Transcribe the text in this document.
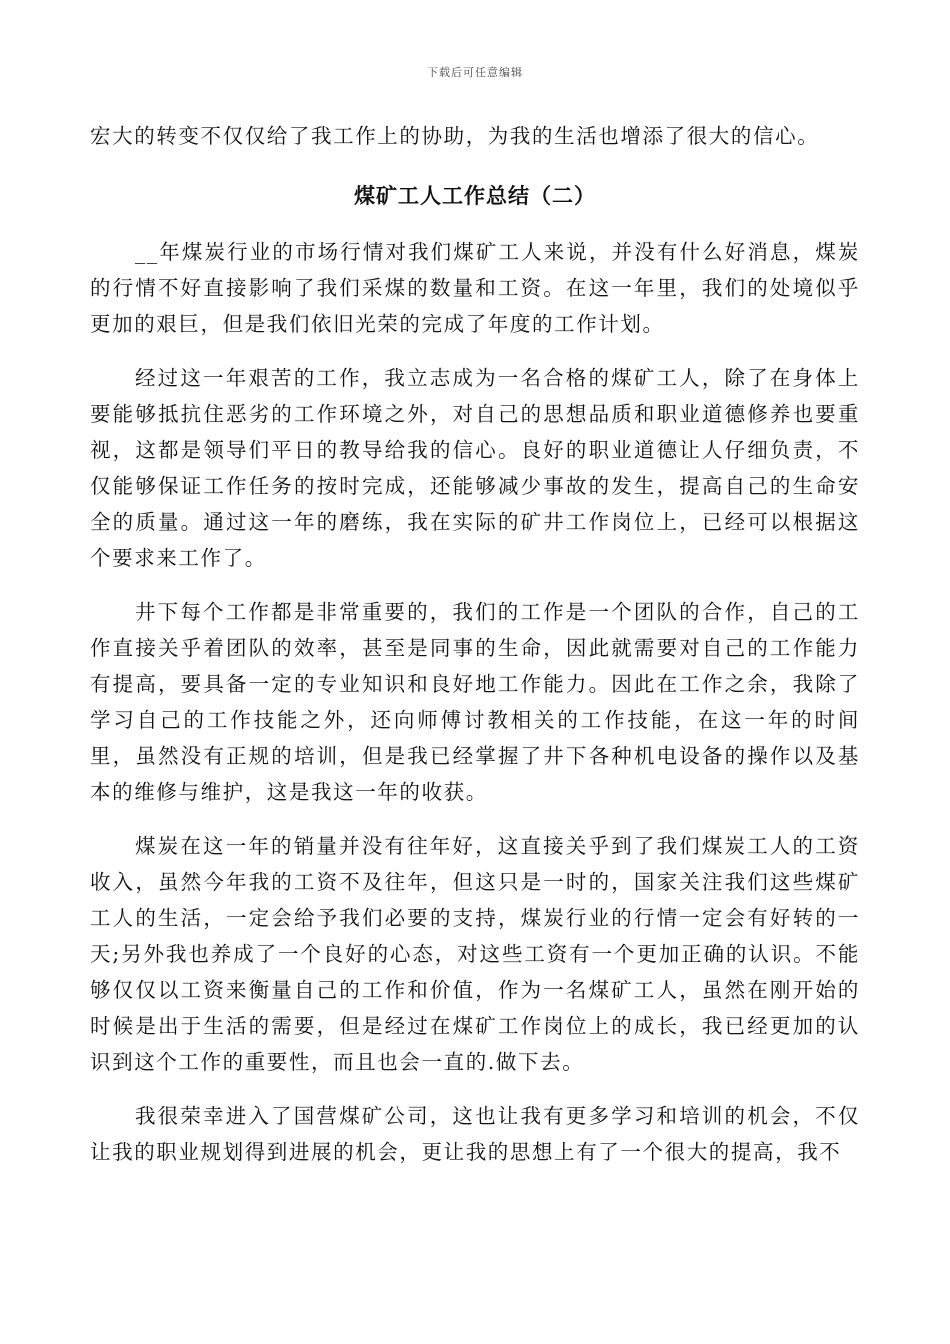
下载后可任意编辑

宏大的转变不仅仅给了我工作上的协助，为我的生活也增添了很大的信心。

煤矿工人工作总结（二）

__年煤炭行业的市场行情对我们煤矿工人来说，并没有什么好消息，煤炭的行情不好直接影响了我们采煤的数量和工资。在这一年里，我们的处境似乎更加的艰巨，但是我们依旧光荣的完成了年度的工作计划。

经过这一年艰苦的工作，我立志成为一名合格的煤矿工人，除了在身体上要能够抵抗住恶劣的工作环境之外，对自己的思想品质和职业道德修养也要重视，这都是领导们平日的教导给我的信心。良好的职业道德让人仔细负责，不仅能够保证工作任务的按时完成，还能够减少事故的发生，提高自己的生命安全的质量。通过这一年的磨练，我在实际的矿井工作岗位上，已经可以根据这个要求来工作了。

井下每个工作都是非常重要的，我们的工作是一个团队的合作，自己的工作直接关乎着团队的效率，甚至是同事的生命，因此就需要对自己的工作能力有提高，要具备一定的专业知识和良好地工作能力。因此在工作之余，我除了学习自己的工作技能之外，还向师傅讨教相关的工作技能，在这一年的时间里，虽然没有正规的培训，但是我已经掌握了井下各种机电设备的操作以及基本的维修与维护，这是我这一年的收获。

煤炭在这一年的销量并没有往年好，这直接关乎到了我们煤炭工人的工资收入，虽然今年我的工资不及往年，但这只是一时的，国家关注我们这些煤矿工人的生活，一定会给予我们必要的支持，煤炭行业的行情一定会有好转的一天;另外我也养成了一个良好的心态，对这些工资有一个更加正确的认识。不能够仅仅以工资来衡量自己的工作和价值，作为一名煤矿工人，虽然在刚开始的时候是出于生活的需要，但是经过在煤矿工作岗位上的成长，我已经更加的认识到这个工作的重要性，而且也会一直的.做下去。

我很荣幸进入了国营煤矿公司，这也让我有更多学习和培训的机会，不仅让我的职业规划得到进展的机会，更让我的思想上有了一个很大的提高，我不
